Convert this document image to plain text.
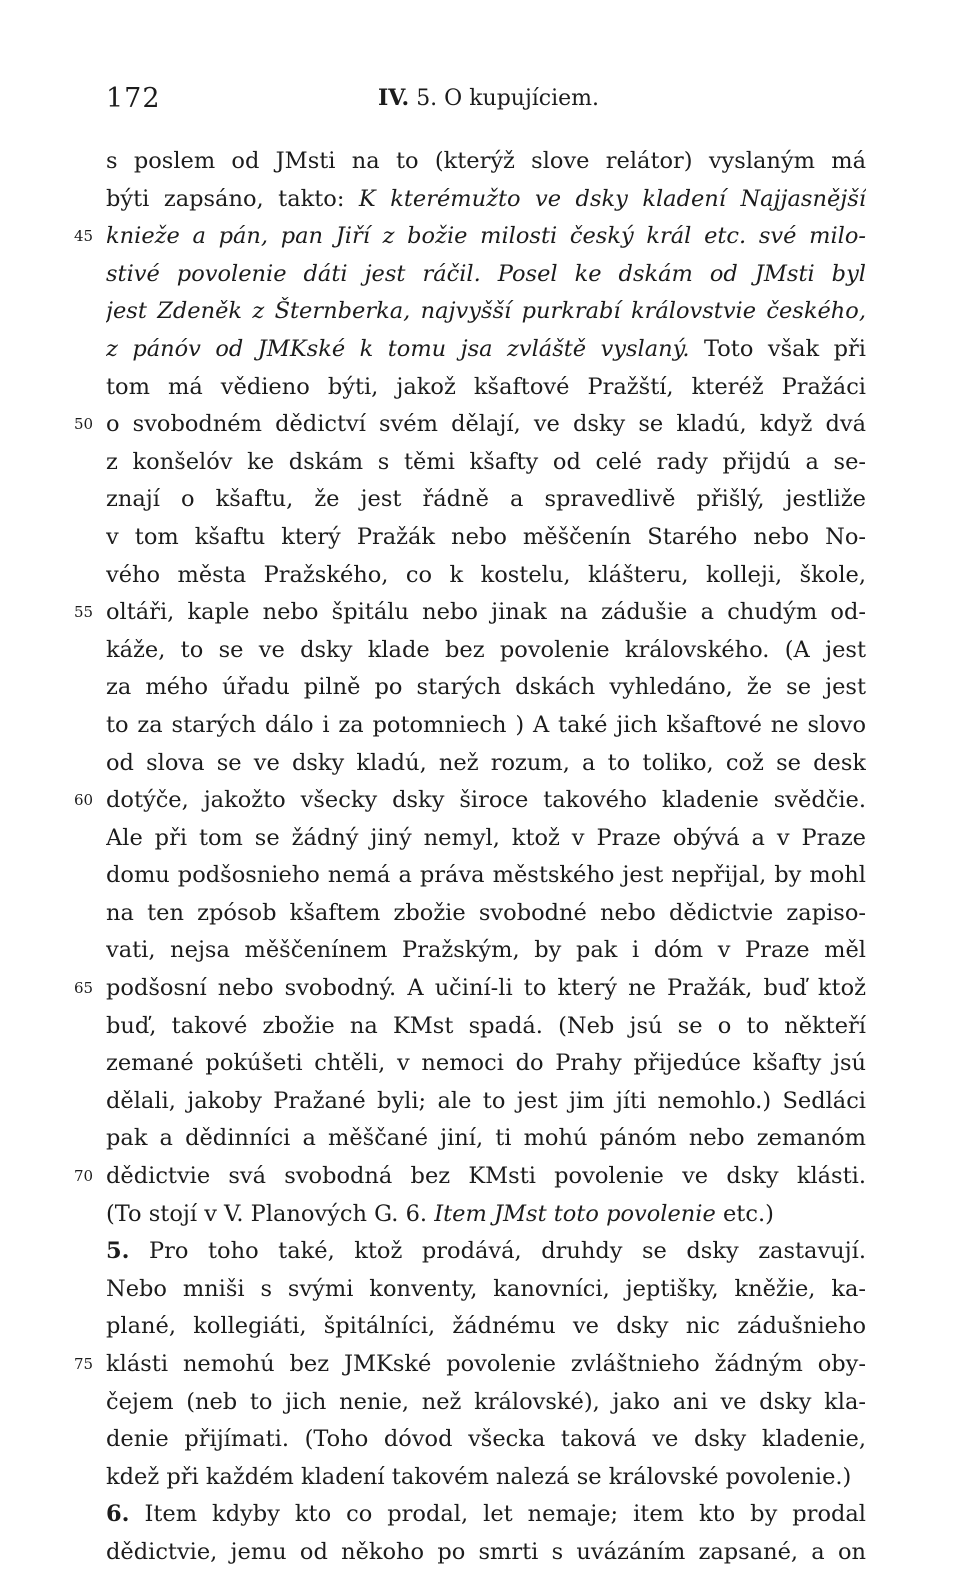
172	IV. 5. O kupujíciem.
s poslem od JMsti na to (kterýž slove relátor) vyslaným má
býti zapsáno, takto: K kterémužto ve dsky kladení Najjasnější
45 knieže a pán, pan Jiří z božie milosti český král etc. své milo-
stivé povolenie dáti jest ráčil. Posel ke dskám od JMsti byl
jest Zdeněk z Šternberka, najvyšší purkrabí královstvie českého,
z pánóv od JMKské k tomu jsa zvláště vyslaný. Toto však při
tom má vědieno býti, jakož kšaftové Pražští, kteréž Pražáci
50 o svobodném dědictví svém dělají, ve dsky se kladú, když dvá
z konšelóv ke dskám s těmi kšafty od celé rady přijdú a se-
znají o kšaftu, že jest řádně a spravedlivě přišlý, jestliže
v tom kšaftu který Pražák nebo měščenín Starého nebo No-
vého města Pražského, co k kostelu, klášteru, kolleji, škole,
55 oltáři, kaple nebo špitálu nebo jinak na zádušie a chudým od-
káže, to se ve dsky klade bez povolenie královského. (A jest
za mého úřadu pilně po starých dskách vyhledáno, že se jest
to za starých dálo i za potomniech ) A také jich kšaftové ne slovo
od slova se ve dsky kladú, než rozum, a to toliko, což se desk
60 dotýče, jakožto všecky dsky široce takového kladenie svědčie.
Ale při tom se žádný jiný nemyl, ktož v Praze obývá a v Praze
domu podšosnieho nemá a práva městského jest nepřijal, by mohl
na ten zpósob kšaftem zbožie svobodné nebo dědictvie zapiso-
vati, nejsa měščenínem Pražským, by pak i dóm v Praze měl
65 podšosní nebo svobodný. A učiní-li to který ne Pražák, buď ktož
buď, takové zbožie na KMst spadá. (Neb jsú se o to někteří
zemané pokúšeti chtěli, v nemoci do Prahy přijedúce kšafty jsú
dělali, jakoby Pražané byli; ale to jest jim jíti nemohlo.) Sedláci
pak a dědinníci a měščané jiní, ti mohú pánóm nebo zemanóm
70 dědictvie svá svobodná bez KMsti povolenie ve dsky klásti.
(To stojí v V. Planových G. 6. Item JMst toto povolenie etc.)
5. Pro toho také, ktož prodává, druhdy se dsky zastavují.
Nebo mniši s svými konventy, kanovníci, jeptišky, kněžie, ka-
plané, kollegiáti, špitálníci, žádnému ve dsky nic zádušnieho
75 klásti nemohú bez JMKské povolenie zvláštnieho žádným oby-
čejem (neb to jich nenie, než královské), jako ani ve dsky kla-
denie přijímati. (Toho dóvod všecka taková ve dsky kladenie,
kdež při každém kladení takovém nalezá se královské povolenie.)
6. Item kdyby kto co prodal, let nemaje; item kto by prodal
dědictvie, jemu od někoho po smrti s uvázáním zapsané, a on
